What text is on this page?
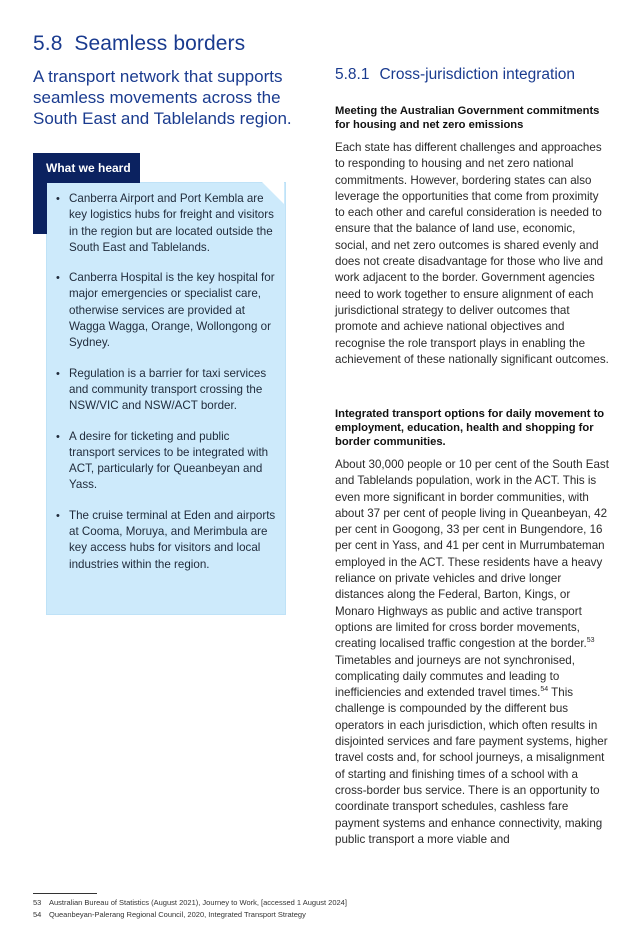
5.8 Seamless borders

A transport network that supports seamless movements across the South East and Tablelands region.

What we heard
• Canberra Airport and Port Kembla are key logistics hubs for freight and visitors in the region but are located outside the South East and Tablelands.
• Canberra Hospital is the key hospital for major emergencies or specialist care, otherwise services are provided at Wagga Wagga, Orange, Wollongong or Sydney.
• Regulation is a barrier for taxi services and community transport crossing the NSW/VIC and NSW/ACT border.
• A desire for ticketing and public transport services to be integrated with ACT, particularly for Queanbeyan and Yass.
• The cruise terminal at Eden and airports at Cooma, Moruya, and Merimbula are key access hubs for visitors and local industries within the region.
5.8.1 Cross-jurisdiction integration
Meeting the Australian Government commitments for housing and net zero emissions

Each state has different challenges and approaches to responding to housing and net zero national commitments. However, bordering states can also leverage the opportunities that come from proximity to each other and careful consideration is needed to ensure that the balance of land use, economic, social, and net zero outcomes is shared evenly and does not create disadvantage for those who live and work adjacent to the border. Government agencies need to work together to ensure alignment of each jurisdictional strategy to deliver outcomes that promote and achieve national objectives and recognise the role transport plays in enabling the achievement of these nationally significant outcomes.

Integrated transport options for daily movement to employment, education, health and shopping for border communities.

About 30,000 people or 10 per cent of the South East and Tablelands population, work in the ACT. This is even more significant in border communities, with about 37 per cent of people living in Queanbeyan, 42 per cent in Googong, 33 per cent in Bungendore, 16 per cent in Yass, and 41 per cent in Murrumbateman employed in the ACT. These residents have a heavy reliance on private vehicles and drive longer distances along the Federal, Barton, Kings, or Monaro Highways as public and active transport options are limited for cross border movements, creating localised traffic congestion at the border.$^{53}$ Timetables and journeys are not synchronised, complicating daily commutes and leading to inefficiencies and extended travel times.$^{54}$ This challenge is compounded by the different bus operators in each jurisdiction, which often results in disjointed services and fare payment systems, higher travel costs and, for school journeys, a misalignment of starting and finishing times of a school with a cross-border bus service. There is an opportunity to coordinate transport schedules, cashless fare payment systems and enhance connectivity, making public transport a more viable and

53 Australian Bureau of Statistics (August 2021), Journey to Work, [accessed 1 August 2024]

54 Queanbeyan-Palerang Regional Council, 2020, Integrated Transport Strategy
